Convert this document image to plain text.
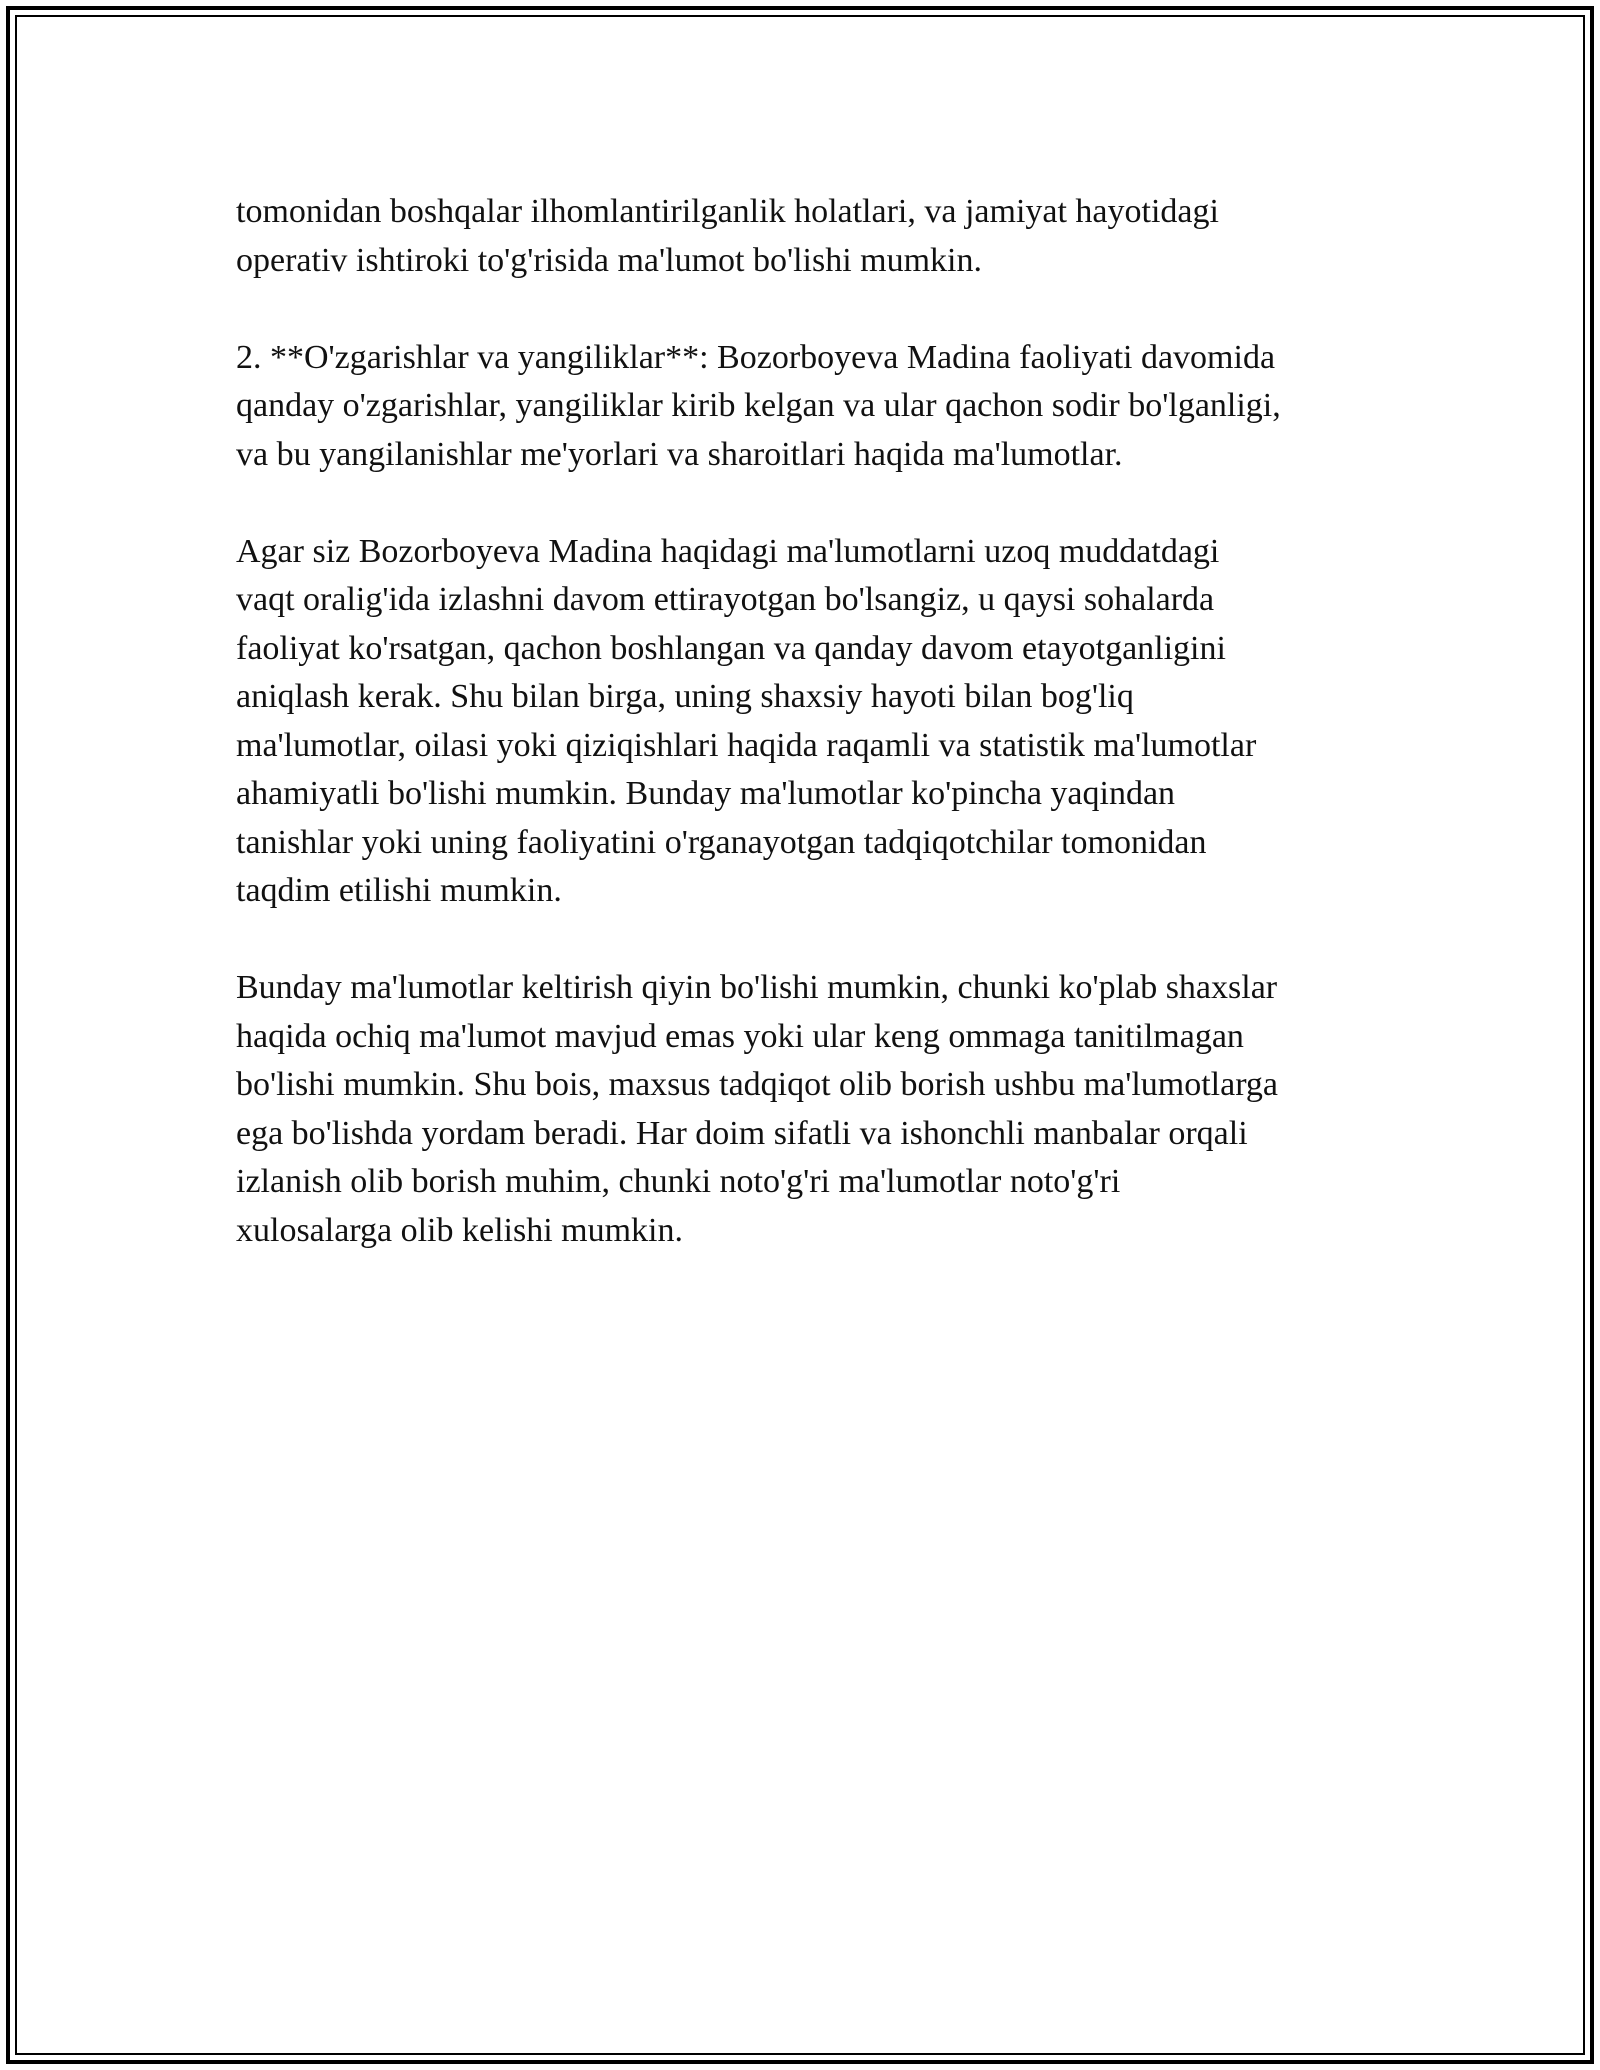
tomonidan boshqalar ilhomlantirilganlik holatlari, va jamiyat hayotidagi
operativ ishtiroki to'g'risida ma'lumot bo'lishi mumkin.

2. **O'zgarishlar va yangiliklar**: Bozorboyeva Madina faoliyati davomida
qanday o'zgarishlar, yangiliklar kirib kelgan va ular qachon sodir bo'lganligi,
va bu yangilanishlar me'yorlari va sharoitlari haqida ma'lumotlar.

Agar siz Bozorboyeva Madina haqidagi ma'lumotlarni uzoq muddatdagi
vaqt oralig'ida izlashni davom ettirayotgan bo'lsangiz, u qaysi sohalarda
faoliyat ko'rsatgan, qachon boshlangan va qanday davom etayotganligini
aniqlash kerak. Shu bilan birga, uning shaxsiy hayoti bilan bog'liq
ma'lumotlar, oilasi yoki qiziqishlari haqida raqamli va statistik ma'lumotlar
ahamiyatli bo'lishi mumkin. Bunday ma'lumotlar ko'pincha yaqindan
tanishlar yoki uning faoliyatini o'rganayotgan tadqiqotchilar tomonidan
taqdim etilishi mumkin.

Bunday ma'lumotlar keltirish qiyin bo'lishi mumkin, chunki ko'plab shaxslar
haqida ochiq ma'lumot mavjud emas yoki ular keng ommaga tanitilmagan
bo'lishi mumkin. Shu bois, maxsus tadqiqot olib borish ushbu ma'lumotlarga
ega bo'lishda yordam beradi. Har doim sifatli va ishonchli manbalar orqali
izlanish olib borish muhim, chunki noto'g'ri ma'lumotlar noto'g'ri
xulosalarga olib kelishi mumkin.
